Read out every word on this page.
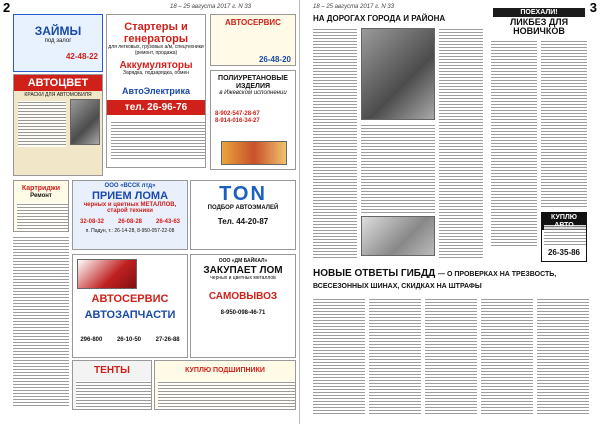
2	18 – 25 августа 2017 г. N 33
ЗАЙМЫ
под залог
42-48-22
Стартеры и генераторы
для легковых, грузовых а/м, спецтехники (ремонт, продажа)
Аккумуляторы
Зарядка, подзарядка, обмен
АвтоЭлектрика
тел. 26-96-76
АВТОСЕРВИС
26-48-20
АВТОЦВЕТ
КРАСКИ ДЛЯ АВТОМОБИЛЯ
ПОЛИУРЕТАНОВЫЕ ИЗДЕЛИЯ
в Ижевском исполнении
8-902-547-28-67
8-914-016-34-27
Картриджи
Ремонт
ООО «ВССК лтд»
ПРИЕМ ЛОМА
черных и цветных МЕТАЛЛОВ, старой техники
32-08-32 26-08-28 26-43-63
п. Падун, т.: 26-14-28, 8-950-057-22-08
TON
ПОДБОР АВТОЭМАЛЕЙ
Тел. 44-20-87
АВТОСЕРВИС
АВТОЗАПЧАСТИ
296-800 26-10-50 27-26-88
ООО «ДМ БАЙКАЛ»
ЗАКУПАЕТ ЛОМ
черных и цветных металлов
САМОВЫВОЗ
8-950-098-46-71
ТЕНТЫ	КУПЛЮ ПОДШИПНИКИ
18 – 25 августа 2017 г. N 33	3
НА ДОРОГАХ ГОРОДА И РАЙОНА
ПОЕХАЛИ!
ЛИКБЕЗ ДЛЯ НОВИЧКОВ
КУПЛЮ
26-35-86
НОВЫЕ ОТВЕТЫ ГИБДД — О ПРОВЕРКАХ НА ТРЕЗВОСТЬ, ВСЕСЕЗОННЫХ ШИНАХ, СКИДКАХ НА ШТРАФЫ
